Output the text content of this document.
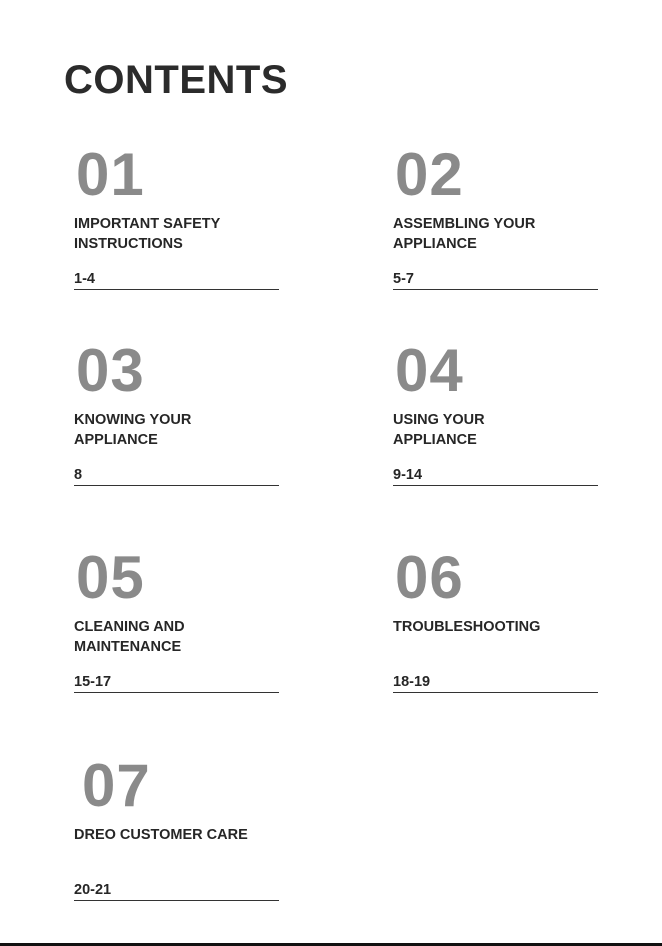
CONTENTS
01
IMPORTANT SAFETY
INSTRUCTIONS
1-4
02
ASSEMBLING YOUR
APPLIANCE
5-7
03
KNOWING YOUR
APPLIANCE
8
04
USING YOUR
APPLIANCE
9-14
05
CLEANING AND
MAINTENANCE
15-17
06
TROUBLESHOOTING
18-19
07
DREO CUSTOMER CARE
20-21
